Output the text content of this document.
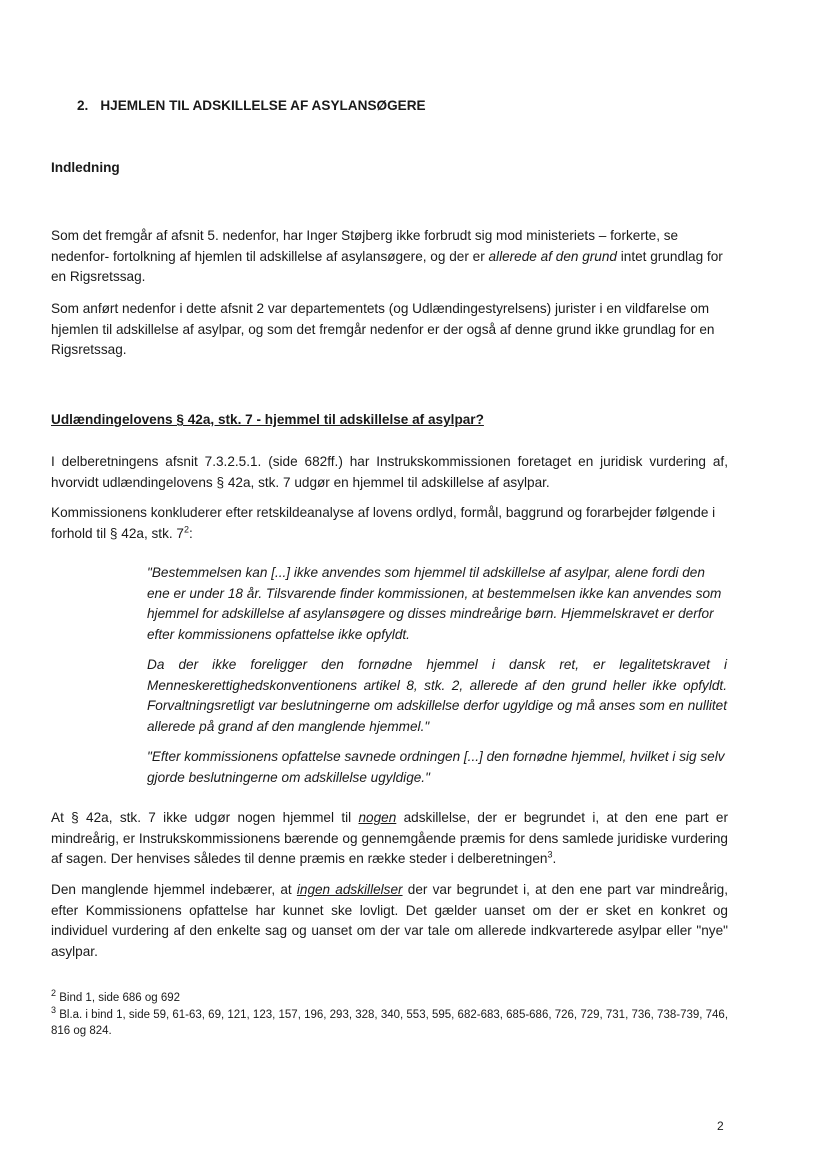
2. HJEMLEN TIL ADSKILLELSE AF ASYLANSØGERE

Indledning

Som det fremgår af afsnit 5. nedenfor, har Inger Støjberg ikke forbrudt sig mod ministeriets – forkerte, se nedenfor- fortolkning af hjemlen til adskillelse af asylansøgere, og der er allerede af den grund intet grundlag for en Rigsretssag.

Som anført nedenfor i dette afsnit 2 var departementets (og Udlændingestyrelsens) jurister i en vildfarelse om hjemlen til adskillelse af asylpar, og som det fremgår nedenfor er der også af denne grund ikke grundlag for en Rigsretssag.

Udlændingelovens § 42a, stk. 7 - hjemmel til adskillelse af asylpar?

I delberetningens afsnit 7.3.2.5.1. (side 682ff.) har Instrukskommissionen foretaget en juridisk vurdering af, hvorvidt udlændingelovens § 42a, stk. 7 udgør en hjemmel til adskillelse af asylpar.

Kommissionens konkluderer efter retskildeanalyse af lovens ordlyd, formål, baggrund og forarbejder følgende i forhold til § 42a, stk. $7^2$:

"Bestemmelsen kan [...] ikke anvendes som hjemmel til adskillelse af asylpar, alene fordi den ene er under 18 år. Tilsvarende finder kommissionen, at bestemmelsen ikke kan anvendes som hjemmel for adskillelse af asylansøgere og disses mindreårige børn. Hjemmelskravet er derfor efter kommissionens opfattelse ikke opfyldt.

Da der ikke foreligger den fornødne hjemmel i dansk ret, er legalitetskravet i Menneskerettighedskonventionens artikel 8, stk. 2, allerede af den grund heller ikke opfyldt. Forvaltningsretligt var beslutningerne om adskillelse derfor ugyldige og må anses som en nullitet allerede på grand af den manglende hjemmel."

"Efter kommissionens opfattelse savnede ordningen [...] den fornødne hjemmel, hvilket i sig selv gjorde beslutningerne om adskillelse ugyldige."

At § 42a, stk. 7 ikke udgør nogen hjemmel til nogen adskillelse, der er begrundet i, at den ene part er mindreårig, er Instrukskommissionens bærende og gennemgående præmis for dens samlede juridiske vurdering af sagen. Der henvises således til denne præmis en række steder i delberetningen$^3$.

Den manglende hjemmel indebærer, at ingen adskillelser der var begrundet i, at den ene part var mindreårig, efter Kommissionens opfattelse har kunnet ske lovligt. Det gælder uanset om der er sket en konkret og individuel vurdering af den enkelte sag og uanset om der var tale om allerede indkvarterede asylpar eller "nye" asylpar.

$^2$ Bind 1, side 686 og 692

$^3$ Bl.a. i bind 1, side 59, 61-63, 69, 121, 123, 157, 196, 293, 328, 340, 553, 595, 682-683, 685-686, 726, 729, 731, 736, 738-739, 746, 816 og 824.

2
